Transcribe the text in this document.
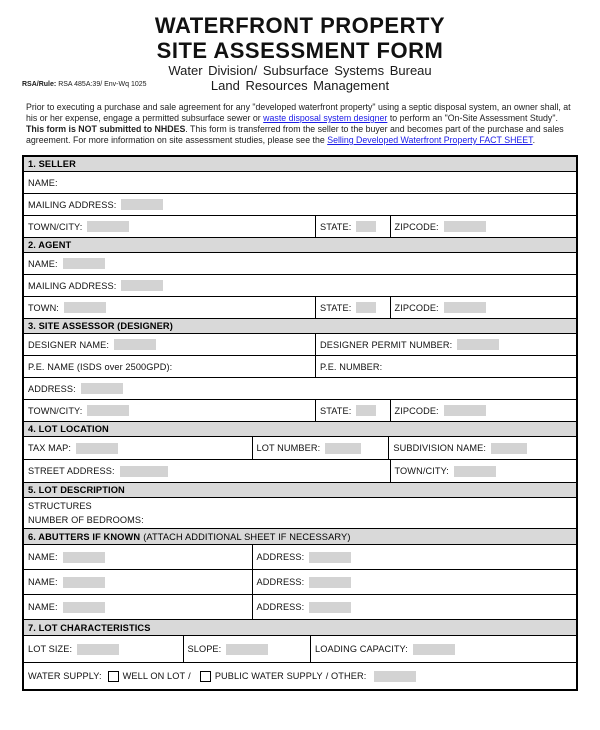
WATERFRONT PROPERTY
SITE ASSESSMENT FORM
Water Division/ Subsurface Systems Bureau
RSA/Rule: RSA 485A:39/ Env-Wq 1025	Land Resources Management
Prior to executing a purchase and sale agreement for any "developed waterfront property" using a septic disposal system, an owner shall, at his or her expense, engage a permitted subsurface sewer or waste disposal system designer to perform an "On-Site Assessment Study". This form is NOT submitted to NHDES. This form is transferred from the seller to the buyer and becomes part of the purchase and sales agreement. For more information on site assessment studies, please see the Selling Developed Waterfront Property FACT SHEET.
1. SELLER
NAME:
MAILING ADDRESS:
TOWN/CITY:	STATE:	ZIPCODE:
2. AGENT
NAME:
MAILING ADDRESS:
TOWN:	STATE:	ZIPCODE:
3. SITE ASSESSOR (DESIGNER)
DESIGNER NAME:	DESIGNER PERMIT NUMBER:
P.E. NAME (ISDS over 2500GPD):	P.E. NUMBER:
ADDRESS:
TOWN/CITY:	STATE:	ZIPCODE:
4. LOT LOCATION
TAX MAP:	LOT NUMBER:	SUBDIVISION NAME:
STREET ADDRESS:	TOWN/CITY:
5. LOT DESCRIPTION
STRUCTURES
NUMBER OF BEDROOMS:
6. ABUTTERS IF KNOWN (ATTACH ADDITIONAL SHEET IF NECESSARY)
NAME:	ADDRESS:
NAME:	ADDRESS:
NAME:	ADDRESS:
7. LOT CHARACTERISTICS
LOT SIZE:	SLOPE:	LOADING CAPACITY:
WATER SUPPLY: WELL ON LOT /	PUBLIC WATER SUPPLY / OTHER:
